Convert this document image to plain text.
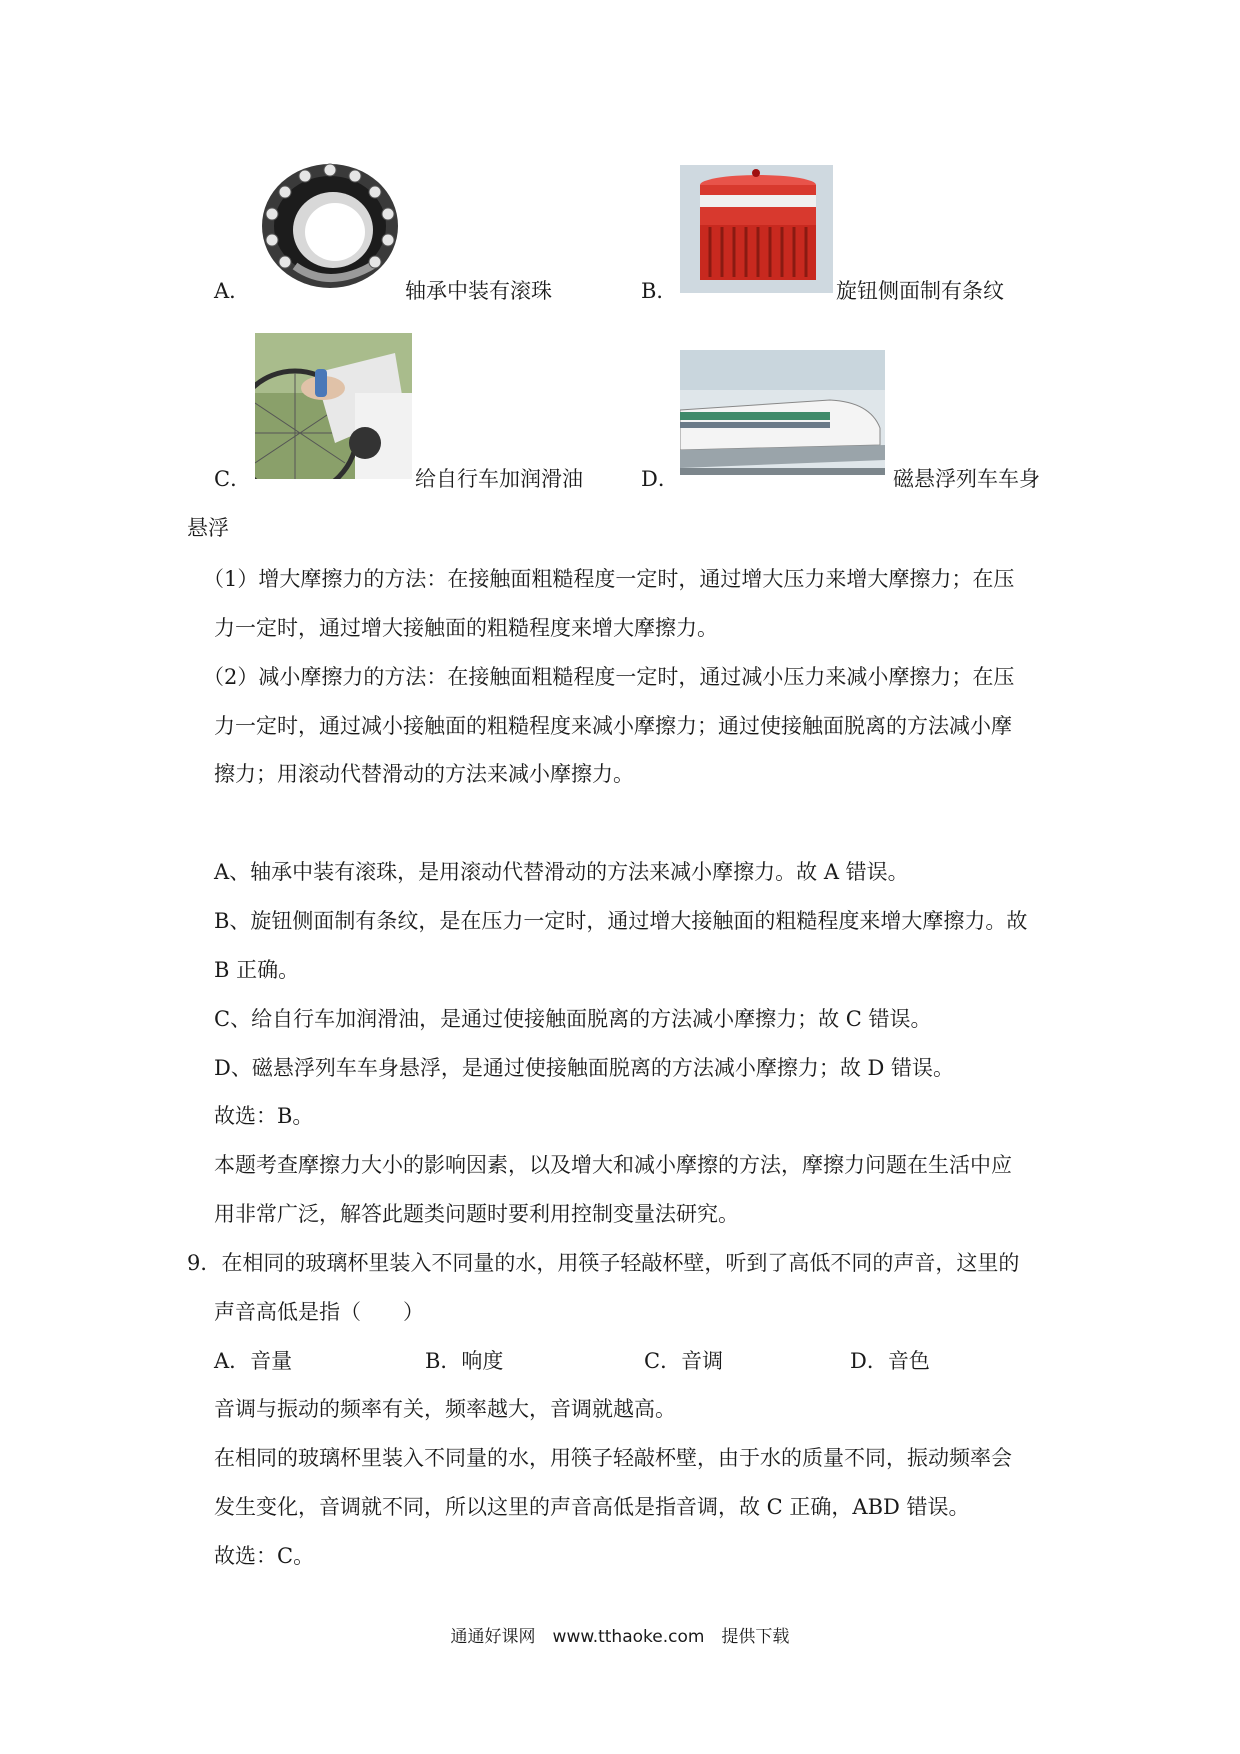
A．	轴承中装有滚珠	B．	旋钮侧面制有条纹
C．	给自行车加润滑油	D．	磁悬浮列车车身
悬浮
（1）增大摩擦力的方法：在接触面粗糙程度一定时，通过增大压力来增大摩擦力；在压
力一定时，通过增大接触面的粗糙程度来增大摩擦力。
（2）减小摩擦力的方法：在接触面粗糙程度一定时，通过减小压力来减小摩擦力；在压
力一定时，通过减小接触面的粗糙程度来减小摩擦力；通过使接触面脱离的方法减小摩
擦力；用滚动代替滑动的方法来减小摩擦力。
A、轴承中装有滚珠，是用滚动代替滑动的方法来减小摩擦力。故 A 错误。
B、旋钮侧面制有条纹，是在压力一定时，通过增大接触面的粗糙程度来增大摩擦力。故
B 正确。
C、给自行车加润滑油，是通过使接触面脱离的方法减小摩擦力；故 C 错误。
D、磁悬浮列车车身悬浮，是通过使接触面脱离的方法减小摩擦力；故 D 错误。
故选：B。
本题考查摩擦力大小的影响因素，以及增大和减小摩擦的方法，摩擦力问题在生活中应
用非常广泛，解答此题类问题时要利用控制变量法研究。
9．在相同的玻璃杯里装入不同量的水，用筷子轻敲杯壁，听到了高低不同的声音，这里的
声音高低是指（　　）
A．音量	B．响度	C．音调	D．音色
音调与振动的频率有关，频率越大，音调就越高。
在相同的玻璃杯里装入不同量的水，用筷子轻敲杯壁，由于水的质量不同，振动频率会
发生变化，音调就不同，所以这里的声音高低是指音调，故 C 正确，ABD 错误。
故选：C。
通通好课网　www.tthaoke.com　提供下载
